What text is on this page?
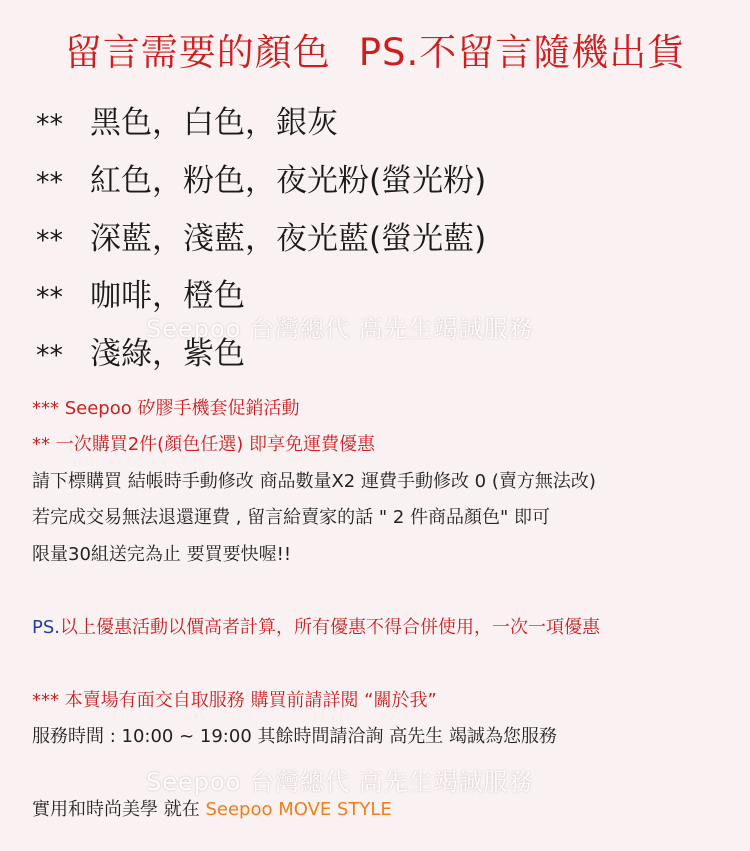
留言需要的顏色 PS.不留言隨機出貨
** 黑色，白色，銀灰
** 紅色，粉色，夜光粉(螢光粉)
** 深藍，淺藍，夜光藍(螢光藍)
** 咖啡，橙色
** 淺綠，紫色
Seepoo 台灣總代 高先生竭誠服務
*** Seepoo 矽膠手機套促銷活動
** 一次購買2件(顏色任選) 即享免運費優惠
請下標購買 結帳時手動修改 商品數量X2 運費手動修改 0 (賣方無法改)
若完成交易無法退還運費 , 留言給賣家的話 " 2 件商品顏色" 即可
限量30組送完為止 要買要快喔!!
PS.以上優惠活動以價高者計算，所有優惠不得合併使用，一次一項優惠
*** 本賣場有面交自取服務 購買前請詳閱 “關於我”
服務時間 : 10:00 ~ 19:00 其餘時間請洽詢 高先生 竭誠為您服務
Seepoo 台灣總代 高先生竭誠服務
實用和時尚美學 就在 Seepoo MOVE STYLE
